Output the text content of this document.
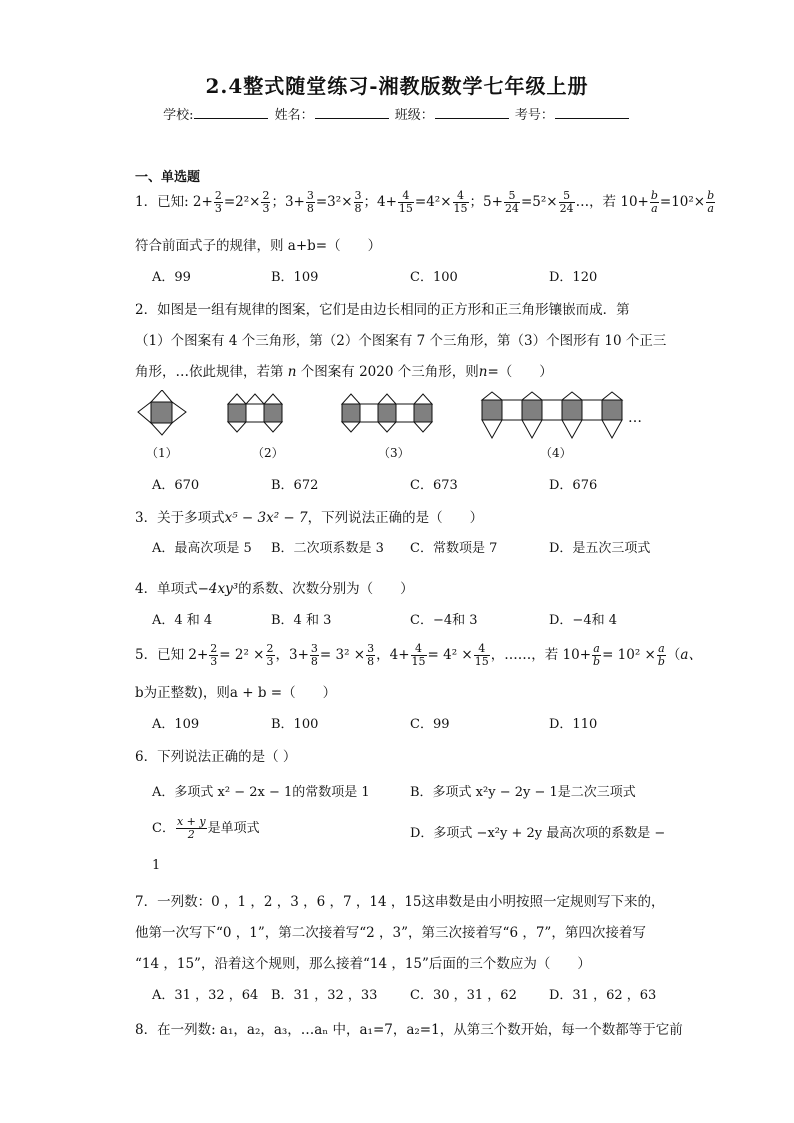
2.4整式随堂练习-湘教版数学七年级上册
学校:	姓名：	班级：	考号：
一、单选题
1．已知: $2+ \frac{2}{3} =2^2\times \frac{2}{3}$ ；$3+ \frac{3}{8} =3^2\times \frac{3}{8}$ ；$4+ \frac{4}{15} =4^2\times \frac{4}{15}$ ；$5+ \frac{5}{24} =5^2\times \frac{5}{24}$ …，若 $10+ \frac{b}{a} =10^2\times \frac{b}{a}$
符合前面式子的规律，则 a+b=（　　）
A．99	B．109	C．100	D．120
2．如图是一组有规律的图案，它们是由边长相同的正方形和正三角形镶嵌而成．第
（1）个图案有 4 个三角形，第（2）个图案有 7 个三角形，第（3）个图形有 10 个正三
角形，…依此规律，若第 n 个图案有 2020 个三角形，则n=（　　）
…
（1）	（2）	（3）	（4）
A．670	B．672	C．673	D．676
3．关于多项式x⁵ − 3x² − 7，下列说法正确的是（　　）
A．最高次项是 5 B．二次项系数是 3 C．常数项是 7	D．是五次三项式
4．单项式−4xy³的系数、次数分别为（　　）
A．4 和 4	B．4 和 3	C．−4和 3	D．−4和 4
5．已知 $2+ \frac{2}{3} = 2^2 \times \frac{2}{3}$ ，$3+ \frac{3}{8} = 3^2 \times \frac{3}{8}$ ，$4+ \frac{4}{15} = 4^2 \times \frac{4}{15}$ ，……，若 $10+ \frac{a}{b} = 10^2 \times \frac{a}{b} (a$、
b为正整数)，则a + b =（　　）
A．109	B．100	C．99	D．110
6．下列说法正确的是（ ）
A．多项式 x² − 2x − 1的常数项是 1	B．多项式 x²y − 2y − 1是二次三项式
C． $\frac{x + y}{2}$ 是单项式	D．多项式 −x²y + 2y 最高次项的系数是 −
1
7．一列数：0 ，1 ，2 ，3 ，6 ，7 ，14 ，15这串数是由小明按照一定规则写下来的，
他第一次写下“0 ，1”，第二次接着写“2 ，3”，第三次接着写“6 ，7”，第四次接着写
“14 ，15”，沿着这个规则，那么接着“14 ，15”后面的三个数应为（　　）
A．31 ，32 ，64 B．31 ，32 ，33	C．30 ，31 ，62 D．31 ，62 ，63
8．在一列数: a₁，a₂，a₃，…aₙ 中，a₁=7，a₂=1，从第三个数开始，每一个数都等于它前
